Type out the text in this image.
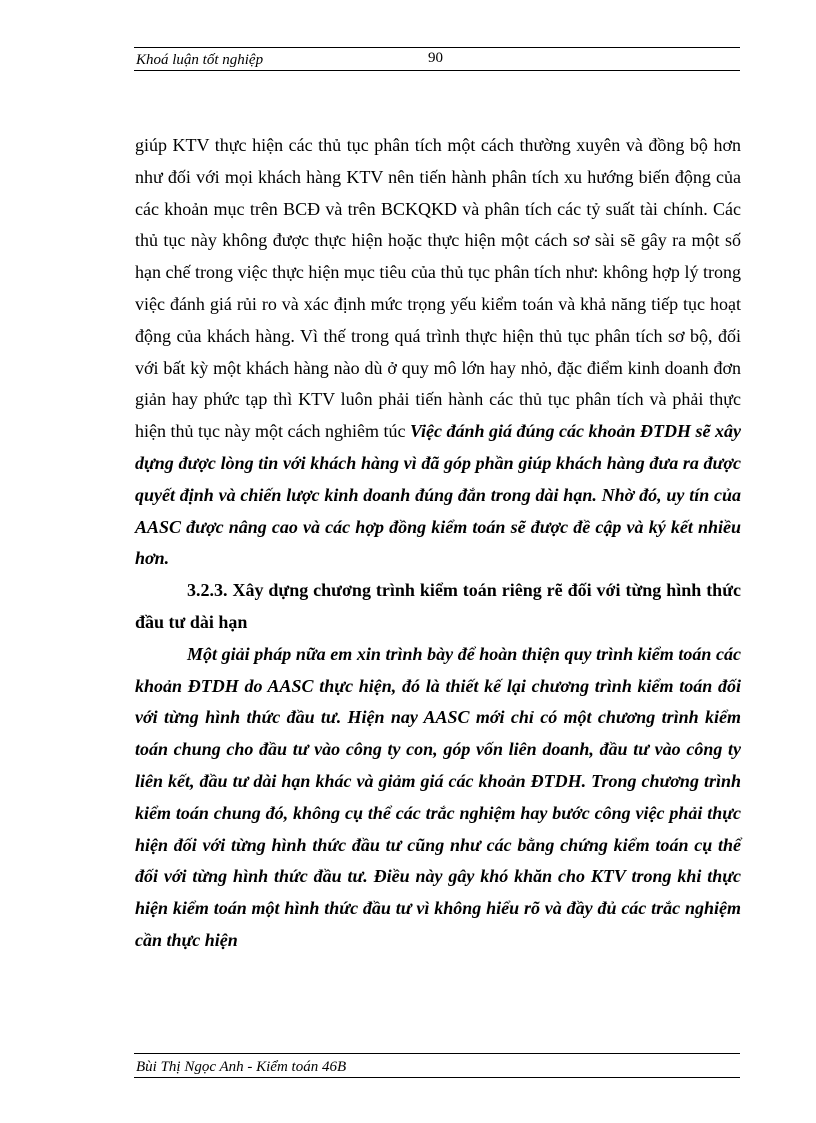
Khoá luận tốt nghiệp	90

giúp KTV thực hiện các thủ tục phân tích một cách thường xuyên và đồng bộ hơn như đối với mọi khách hàng KTV nên tiến hành phân tích xu hướng biến động của các khoản mục trên BCĐ và trên BCKQKD và phân tích các tỷ suất tài chính. Các thủ tục này không được thực hiện hoặc thực hiện một cách sơ sài sẽ gây ra một số hạn chế trong việc thực hiện mục tiêu của thủ tục phân tích như: không hợp lý trong việc đánh giá rủi ro và xác định mức trọng yếu kiểm toán và khả năng tiếp tục hoạt động của khách hàng. Vì thế trong quá trình thực hiện thủ tục phân tích sơ bộ, đối với bất kỳ một khách hàng nào dù ở quy mô lớn hay nhỏ, đặc điểm kinh doanh đơn giản hay phức tạp thì KTV luôn phải tiến hành các thủ tục phân tích và phải thực hiện thủ tục này một cách nghiêm túc Việc đánh giá đúng các khoản ĐTDH sẽ xây dựng được lòng tin với khách hàng vì đã góp phần giúp khách hàng đưa ra được quyết định và chiến lược kinh doanh đúng đắn trong dài hạn. Nhờ đó, uy tín của AASC được nâng cao và các hợp đồng kiểm toán sẽ được đề cập và ký kết nhiều hơn.

3.2.3. Xây dựng chương trình kiểm toán riêng rẽ đối với từng hình thức đầu tư dài hạn

Một giải pháp nữa em xin trình bày để hoàn thiện quy trình kiểm toán các khoản ĐTDH do AASC thực hiện, đó là thiết kế lại chương trình kiểm toán đối với từng hình thức đầu tư. Hiện nay AASC mới chỉ có một chương trình kiểm toán chung cho đầu tư vào công ty con, góp vốn liên doanh, đầu tư vào công ty liên kết, đầu tư dài hạn khác và giảm giá các khoản ĐTDH. Trong chương trình kiểm toán chung đó, không cụ thể các trắc nghiệm hay bước công việc phải thực hiện đối với từng hình thức đầu tư cũng như các bằng chứng kiểm toán cụ thể đối với từng hình thức đầu tư. Điều này gây khó khăn cho KTV trong khi thực hiện kiểm toán một hình thức đầu tư vì không hiểu rõ và đầy đủ các trắc nghiệm cần thực hiện

Bùi Thị Ngọc Anh - Kiểm toán 46B
